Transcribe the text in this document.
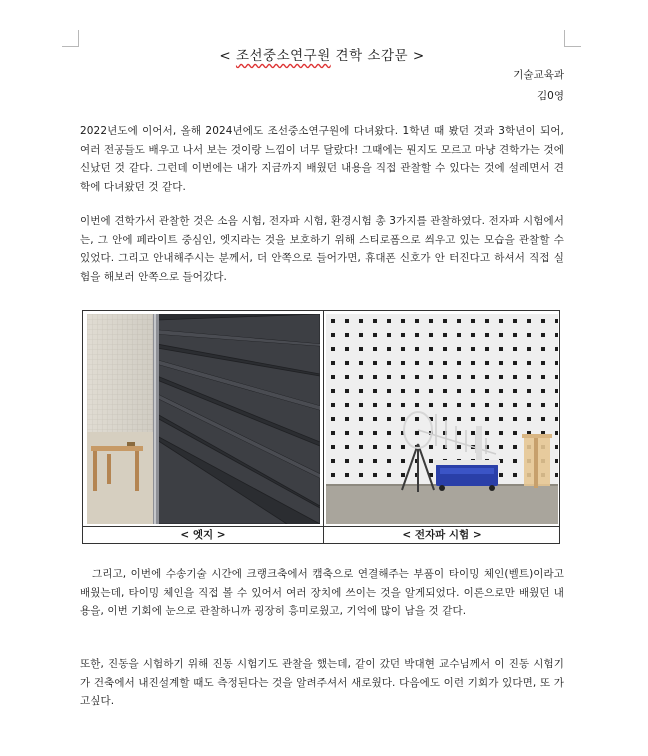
< 조선중소연구원 견학 소감문 >
기술교육과
김0영
2022년도에 이어서, 올해 2024년에도 조선중소연구원에 다녀왔다. 1학년 때 봤던 것과 3학년이 되어, 여러 전공들도 배우고 나서 보는 것이랑 느낌이 너무 달랐다! 그때에는 뭔지도 모르고 마냥 견학가는 것에 신났던 것 같다. 그런데 이번에는 내가 지금까지 배웠던 내용을 직접 관찰할 수 있다는 것에 설레면서 견학에 다녀왔던 것 같다.
이번에 견학가서 관찰한 것은 소음 시험, 전자파 시험, 환경시험 총 3가지를 관찰하였다. 전자파 시험에서는, 그 안에 페라이트 중심인, 엣지라는 것을 보호하기 위해 스티로폼으로 씌우고 있는 모습을 관찰할 수 있었다. 그리고 안내해주시는 분께서, 더 안쪽으로 들어가면, 휴대폰 신호가 안 터진다고 하셔서 직접 실험을 해보러 안쪽으로 들어갔다.
< 엣지 >	< 전자파 시험 >
그리고, 이번에 수송기술 시간에 크랭크축에서 캠축으로 연결해주는 부품이 타이밍 체인(벨트)이라고 배웠는데, 타이밍 체인을 직접 볼 수 있어서 여러 장치에 쓰이는 것을 알게되었다. 이론으로만 배웠던 내용을, 이번 기회에 눈으로 관찰하니까 굉장히 흥미로웠고, 기억에 많이 남을 것 같다.
또한, 진동을 시험하기 위해 진동 시험기도 관찰을 했는데, 같이 갔던 박대현 교수님께서 이 진동 시험기가 건축에서 내진설계할 때도 측정된다는 것을 알려주셔서 새로웠다. 다음에도 이런 기회가 있다면, 또 가고싶다.
